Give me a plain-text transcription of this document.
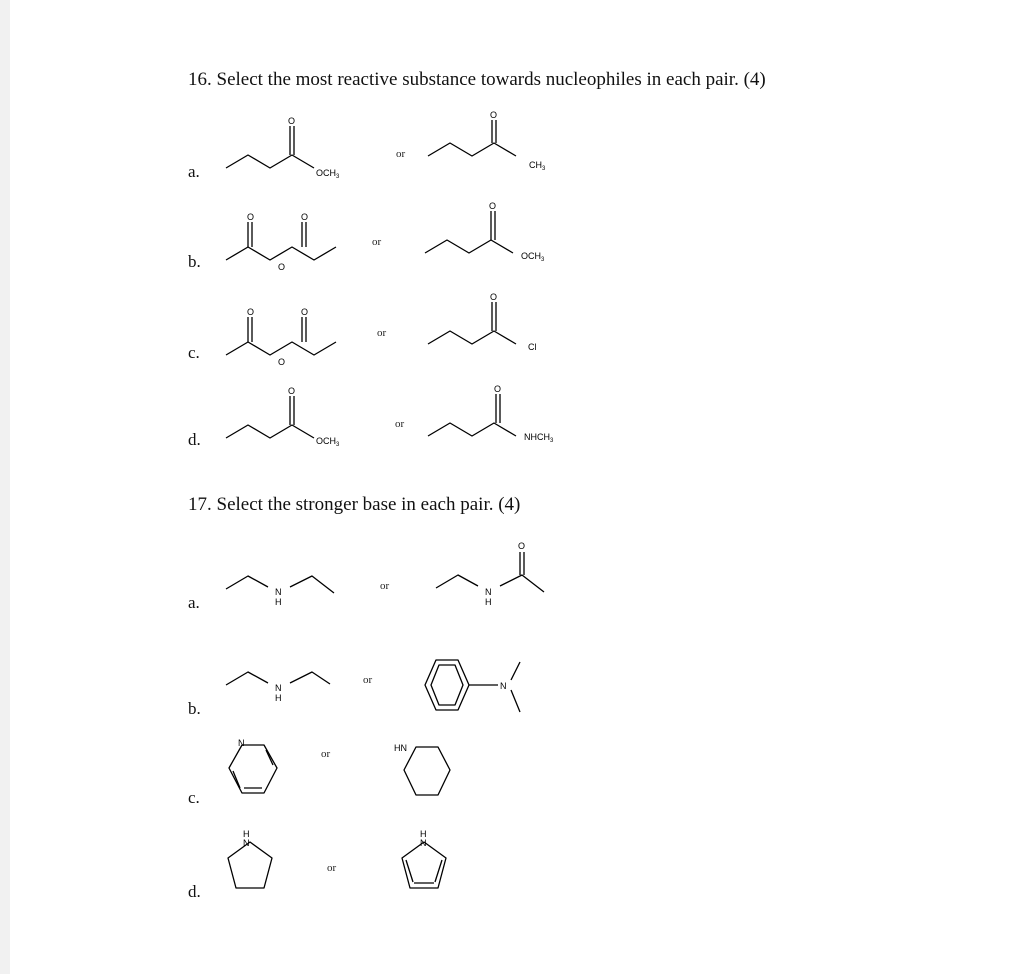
16. Select the most reactive substance towards nucleophiles in each pair. (4)
a.
b.
c.
d.
or
or
or
or
O
$OCH_3$
O
$CH_3$
O	O
O
O
$OCH_3$
O	O
O
O
Cl
O
$OCH_3$
O
$NHCH_3$
17. Select the stronger base in each pair. (4)
a.
b.
c.
d.
or
or
or
or
N
H
O
N
H
N
H
N
N	HN
H
N
H
N
